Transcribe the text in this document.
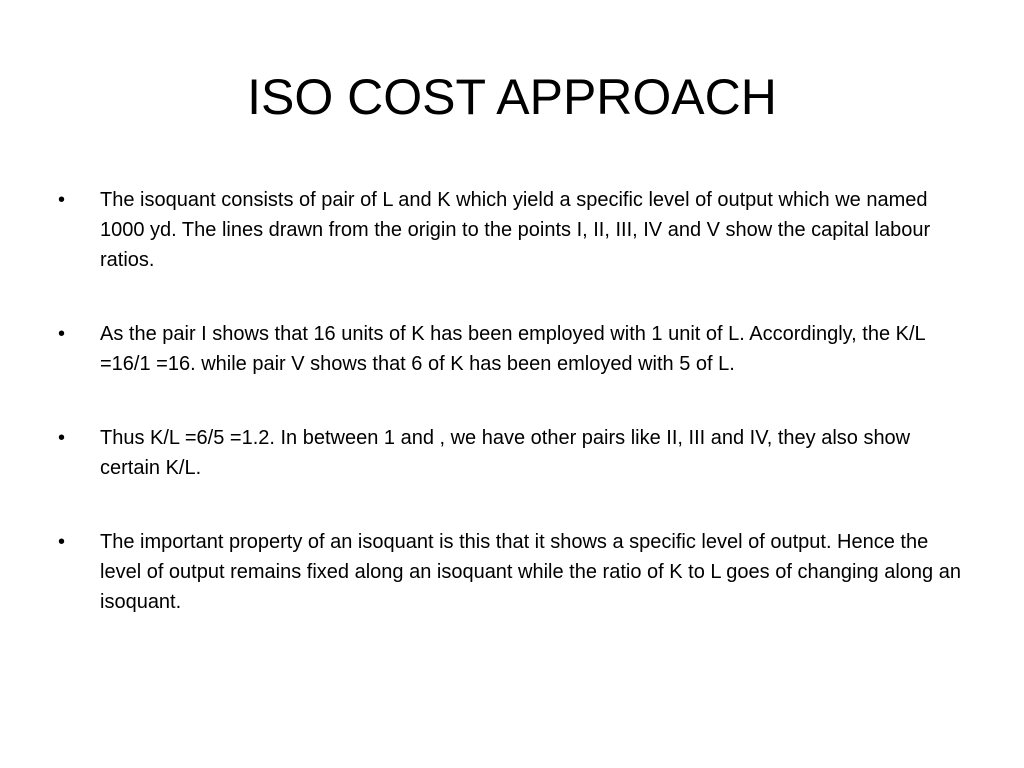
ISO COST APPROACH
• The isoquant consists of pair of L and K which yield a specific level of output which we named 1000 yd. The lines drawn from the origin to the points I, II, III, IV and V show the capital labour ratios.
• As the pair I shows that 16 units of K has been employed with 1 unit of L. Accordingly, the K/L =16/1 =16. while pair V shows that 6 of K has been emloyed with 5 of L.
• Thus K/L =6/5 =1.2. In between 1 and , we have other pairs like II, III and IV, they also show certain K/L.
• The important property of an isoquant is this that it shows a specific level of output. Hence the level of output remains fixed along an isoquant while the ratio of K to L goes of changing along an isoquant.
